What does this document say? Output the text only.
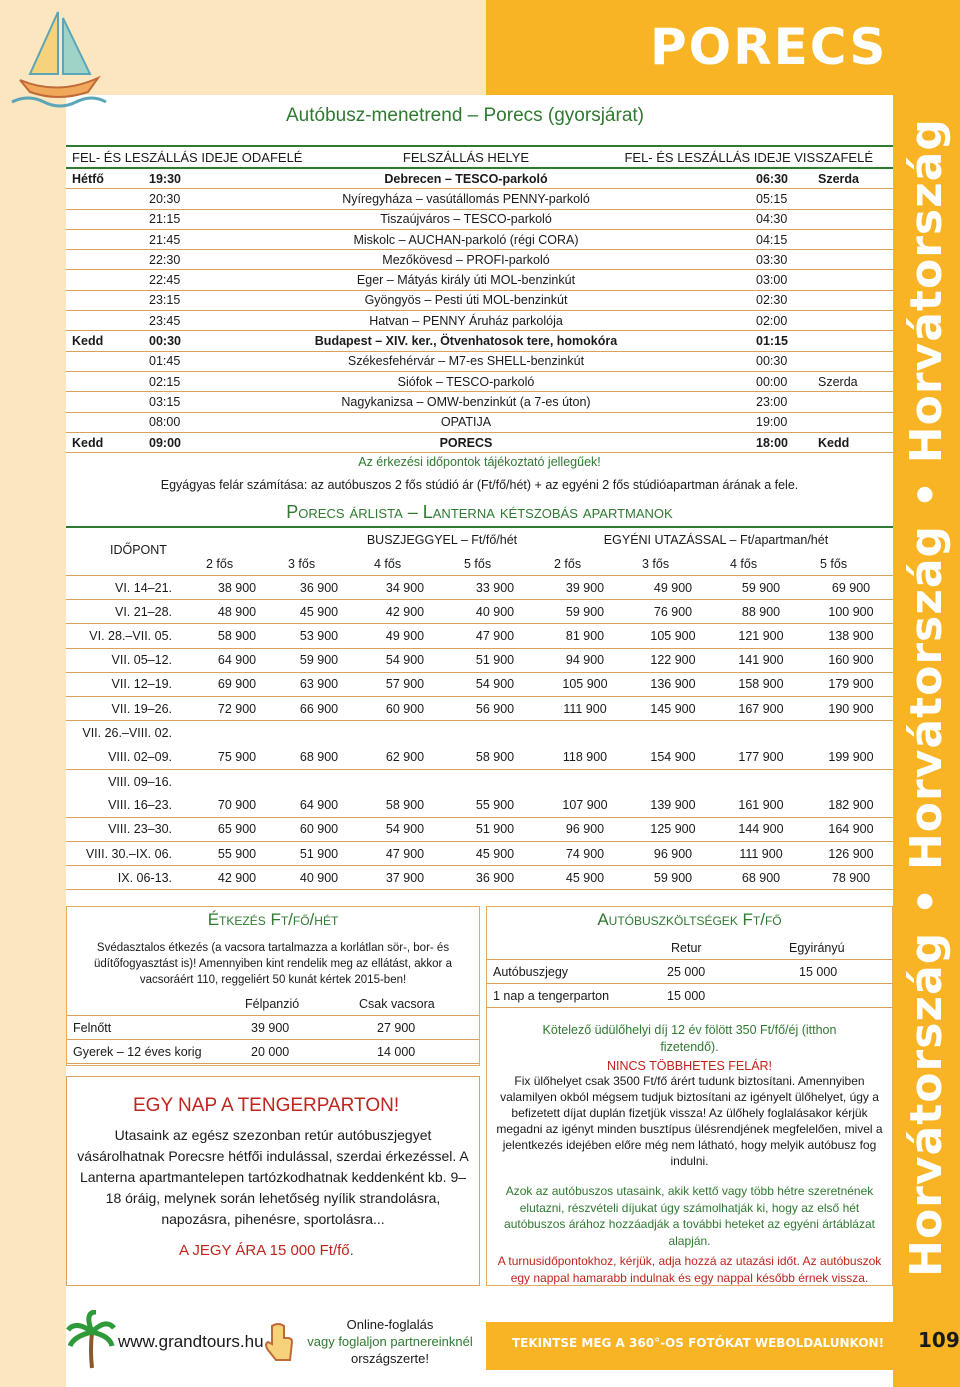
PORECS
Horvátország • Horvátország • Horvátország
Autóbusz-menetrend – Porecs (gyorsjárat)
FEL- ÉS LESZÁLLÁS IDEJE ODAFELÉ	FELSZÁLLÁS HELYE	FEL- ÉS LESZÁLLÁS IDEJE VISSZAFELÉ
Hétfő	19:30	Debrecen – TESCO-parkoló	06:30 Szerda
20:30	Nyíregyháza – vasútállomás PENNY-parkoló	05:15
21:15	Tiszaújváros – TESCO-parkoló	04:30
21:45	Miskolc – AUCHAN-parkoló (régi CORA)	04:15
22:30	Mezőkövesd – PROFI-parkoló	03:30
22:45	Eger – Mátyás király úti MOL-benzinkút	03:00
23:15	Gyöngyös – Pesti úti MOL-benzinkút	02:30
23:45	Hatvan – PENNY Áruház parkolója	02:00
Kedd	00:30	Budapest – XIV. ker., Ötvenhatosok tere, homokóra	01:15
01:45	Székesfehérvár – M7-es SHELL-benzinkút	00:30
02:15	Siófok – TESCO-parkoló	00:00 Szerda
03:15	Nagykanizsa – OMW-benzinkút (a 7-es úton)	23:00
08:00	OPATIJA	19:00
Kedd	09:00	PORECS	18:00 Kedd
Az érkezési időpontok tájékoztató jellegűek!
Egyágyas felár számítása: az autóbuszos 2 fős stúdió ár (Ft/fő/hét) + az egyéni 2 fős stúdióapartman árának a fele.
Porecs árlista – Lanterna kétszobás apartmanok
BUSZJEGGYEL – Ft/fő/hét	EGYÉNI UTAZÁSSAL – Ft/apartman/hét
IDŐPONT
2 fős	3 fős	4 fős	5 fős	2 fős	3 fős	4 fős	5 fős
VI. 14–21.	38 900	36 900	34 900	33 900	39 900	49 900	59 900	69 900
VI. 21–28.	48 900	45 900	42 900	40 900	59 900	76 900	88 900	100 900
VI. 28.–VII. 05.	58 900	53 900	49 900	47 900	81 900	105 900	121 900	138 900
VII. 05–12.	64 900	59 900	54 900	51 900	94 900	122 900	141 900	160 900
VII. 12–19.	69 900	63 900	57 900	54 900	105 900	136 900	158 900	179 900
VII. 19–26.	72 900	66 900	60 900	56 900	111 900	145 900	167 900	190 900
VII. 26.–VIII. 02.
VIII. 02–09.	75 900	68 900	62 900	58 900	118 900	154 900	177 900	199 900
VIII. 09–16.
VIII. 16–23.	70 900	64 900	58 900	55 900	107 900	139 900	161 900	182 900
VIII. 23–30.	65 900	60 900	54 900	51 900	96 900	125 900	144 900	164 900
VIII. 30.–IX. 06.	55 900	51 900	47 900	45 900	74 900	96 900	111 900	126 900
IX. 06-13.	42 900	40 900	37 900	36 900	45 900	59 900	68 900	78 900
Étkezés Ft/fő/hét
Svédasztalos étkezés (a vacsora tartalmazza a korlátlan sör-, bor- és üdítőfogyasztást is)! Amennyiben kint rendelik meg az ellátást, akkor a vacsoráért 110, reggeliért 50 kunát kértek 2015-ben!
Félpanzió	Csak vacsora
Felnőtt	39 900	27 900
Gyerek – 12 éves korig	20 000	14 000
EGY NAP A TENGERPARTON!
Utasaink az egész szezonban retúr autóbuszjegyet vásárolhatnak Porecsre hétfői indulással, szerdai érkezéssel. A Lanterna apartmantelepen tartózkodhatnak keddenként kb. 9–18 óráig, melynek során lehetőség nyílik strandolásra, napozásra, pihenésre, sportolásra...
A JEGY ÁRA 15 000 Ft/fő.
Autóbuszköltségek Ft/fő
Retur	Egyirányú
Autóbuszjegy	25 000	15 000
1 nap a tengerparton	15 000
Kötelező üdülőhelyi díj 12 év fölött 350 Ft/fő/éj (itthon fizetendő).
NINCS TÖBBHETES FELÁR!
Fix ülőhelyet csak 3500 Ft/fő árért tudunk biztosítani. Amennyiben valamilyen okból mégsem tudjuk biztosítani az igényelt ülőhelyet, úgy a befizetett díjat duplán fizetjük vissza! Az ülőhely foglalásakor kérjük megadni az igényt minden busztípus ülésrendjének megfelelően, mivel a jelentkezés idejében előre még nem látható, hogy melyik autóbusz fog indulni.
Azok az autóbuszos utasaink, akik kettő vagy több hétre szeretnének elutazni, részvételi díjukat úgy számolhatják ki, hogy az első hét autóbuszos árához hozzáadják a további heteket az egyéni ártáblázat alapján.
A turnusidőpontokhoz, kérjük, adja hozzá az utazási időt. Az autóbuszok egy nappal hamarabb indulnak és egy nappal később érnek vissza.
www.grandtours.hu
Online-foglalás
vagy foglaljon partnereinknél
országszerte!
TEKINTSE MEG A 360°-OS FOTÓKAT WEBOLDALUNKON! 109
